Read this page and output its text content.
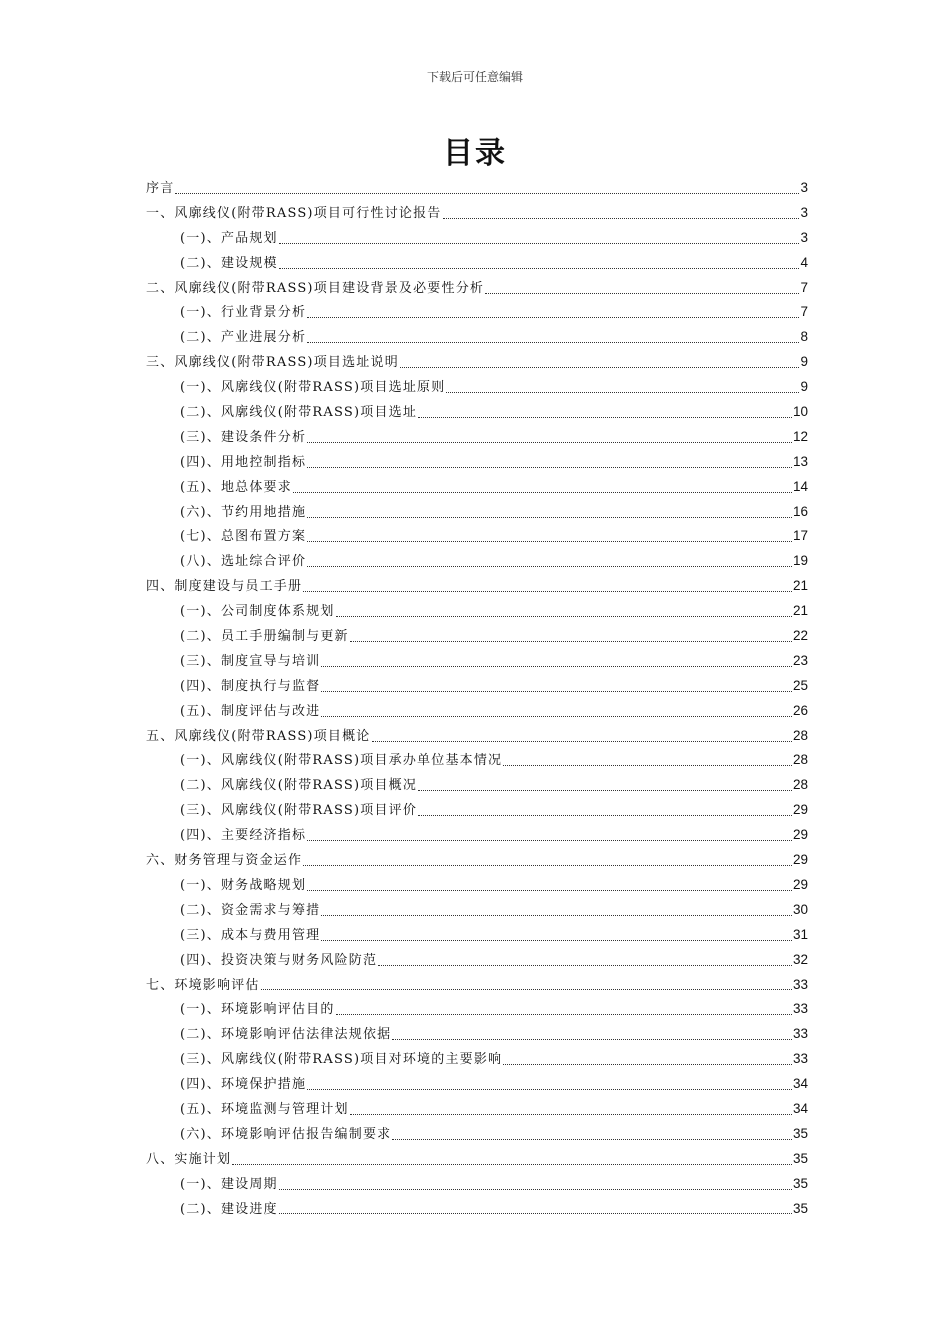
下载后可任意编辑
目录
序言	3
一、风廓线仪(附带RASS)项目可行性讨论报告	3
(一)、产品规划	3
(二)、建设规模	4
二、风廓线仪(附带RASS)项目建设背景及必要性分析	7
(一)、行业背景分析	7
(二)、产业进展分析	8
三、风廓线仪(附带RASS)项目选址说明	9
(一)、风廓线仪(附带RASS)项目选址原则	9
(二)、风廓线仪(附带RASS)项目选址	10
(三)、建设条件分析	12
(四)、用地控制指标	13
(五)、地总体要求	14
(六)、节约用地措施	16
(七)、总图布置方案	17
(八)、选址综合评价	19
四、制度建设与员工手册	21
(一)、公司制度体系规划	21
(二)、员工手册编制与更新	22
(三)、制度宣导与培训	23
(四)、制度执行与监督	25
(五)、制度评估与改进	26
五、风廓线仪(附带RASS)项目概论	28
(一)、风廓线仪(附带RASS)项目承办单位基本情况	28
(二)、风廓线仪(附带RASS)项目概况	28
(三)、风廓线仪(附带RASS)项目评价	29
(四)、主要经济指标	29
六、财务管理与资金运作	29
(一)、财务战略规划	29
(二)、资金需求与筹措	30
(三)、成本与费用管理	31
(四)、投资决策与财务风险防范	32
七、环境影响评估	33
(一)、环境影响评估目的	33
(二)、环境影响评估法律法规依据	33
(三)、风廓线仪(附带RASS)项目对环境的主要影响	33
(四)、环境保护措施	34
(五)、环境监测与管理计划	34
(六)、环境影响评估报告编制要求	35
八、实施计划	35
(一)、建设周期	35
(二)、建设进度	35
